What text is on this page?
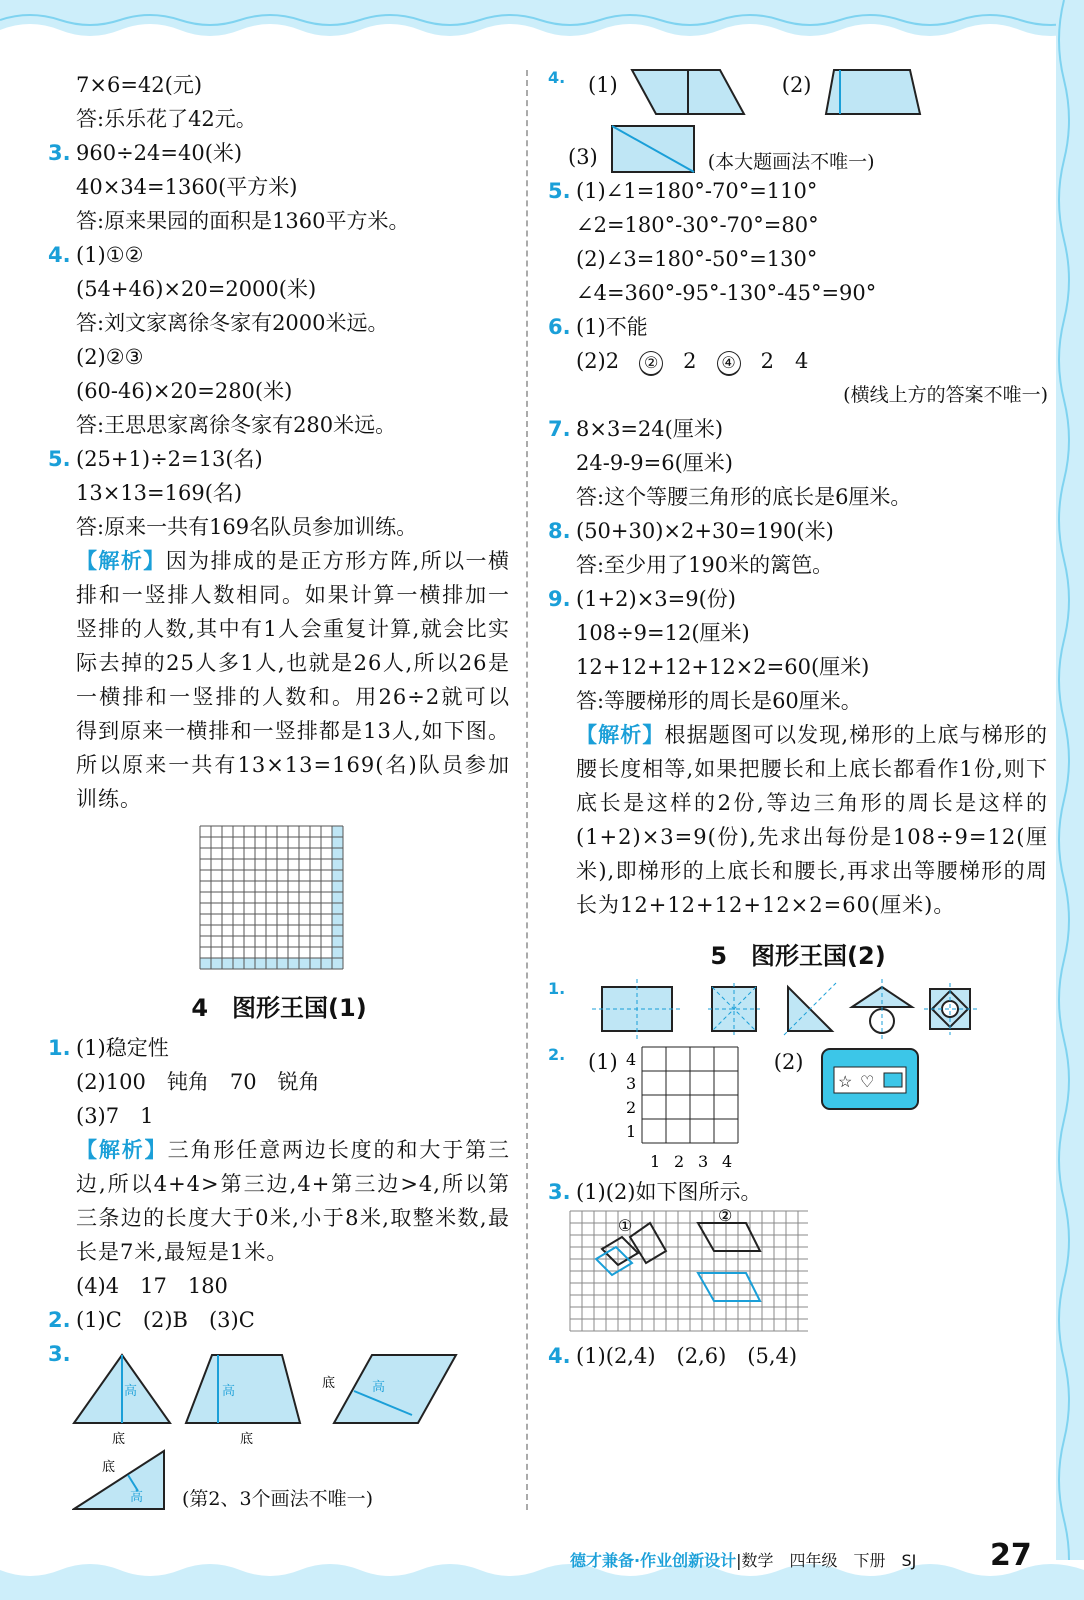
7×6=42(元)
答:乐乐花了42元。
3. 960÷24=40(米)
40×34=1360(平方米)
答:原来果园的面积是1360平方米。
4. (1)①②
(54+46)×20=2000(米)
答:刘文家离徐冬家有2000米远。
(2)②③
(60-46)×20=280(米)
答:王思思家离徐冬家有280米远。
5. (25+1)÷2=13(名)
13×13=169(名)
答:原来一共有169名队员参加训练。
【解析】因为排成的是正方形方阵,所以一横排和一竖排人数相同。如果计算一横排加一竖排的人数,其中有1人会重复计算,就会比实际去掉的25人多1人,也就是26人,所以26是一横排和一竖排的人数和。用26÷2就可以得到原来一横排和一竖排都是13人,如下图。所以原来一共有13×13=169(名)队员参加训练。
4　图形王国(1)
1. (1)稳定性
(2)100　钝角　70　锐角
(3)7　1
【解析】三角形任意两边长度的和大于第三边,所以4+4>第三边,4+第三边>4,所以第三条边的长度大于0米,小于8米,取整米数,最长是7米,最短是1米。
(4)4　17　180
2. (1)C　(2)B　(3)C
3.
高
底
高
底
高
底
高
底
(第2、3个画法不唯一)
4.	(1)	(2)
(3)	(本大题画法不唯一)
5. (1)∠1=180°-70°=110°
∠2=180°-30°-70°=80°
(2)∠3=180°-50°=130°
∠4=360°-95°-130°-45°=90°
6. (1)不能
(2)2 ② 2 ④ 2　4
(横线上方的答案不唯一)
7. 8×3=24(厘米)
24-9-9=6(厘米)
答:这个等腰三角形的底长是6厘米。
8. (50+30)×2+30=190(米)
答:至少用了190米的篱笆。
9. (1+2)×3=9(份)
108÷9=12(厘米)
12+12+12+12×2=60(厘米)
答:等腰梯形的周长是60厘米。
【解析】根据题图可以发现,梯形的上底与梯形的腰长度相等,如果把腰长和上底长都看作1份,则下底长是这样的2份,等边三角形的周长是这样的(1+2)×3=9(份),先求出每份是108÷9=12(厘米),即梯形的上底长和腰长,再求出等腰梯形的周长为12+12+12+12×2=60(厘米)。
5　图形王国(2)
1.
2.	(1) 4
3
2
1
1 2 3 4
(2)
☆ ♡
3. (1)(2)如下图所示。
①
②
4. (1)(2,4)　(2,6)　(5,4)
德才兼备·作业创新设计|数学　四年级　下册　SJ 27
